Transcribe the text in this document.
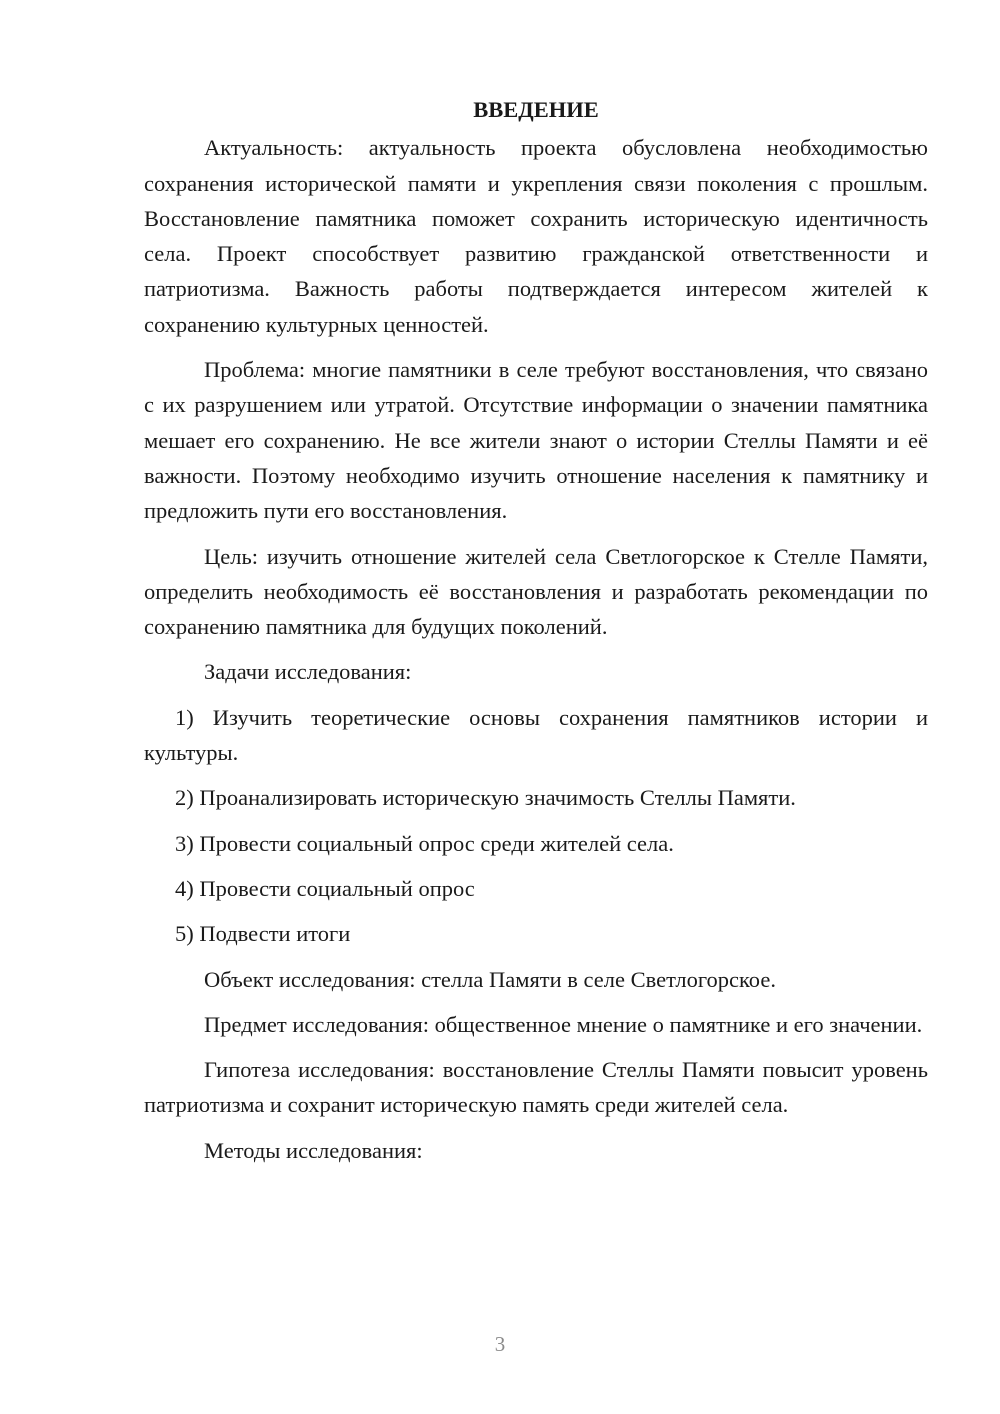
ВВЕДЕНИЕ

Актуальность: актуальность проекта обусловлена необходимостью сохранения исторической памяти и укрепления связи поколения с прошлым. Восстановление памятника поможет сохранить историческую идентичность села. Проект способствует развитию гражданской ответственности и патриотизма. Важность работы подтверждается интересом жителей к сохранению культурных ценностей.

Проблема: многие памятники в селе требуют восстановления, что связано с их разрушением или утратой. Отсутствие информации о значении памятника мешает его сохранению. Не все жители знают о истории Стеллы Памяти и её важности. Поэтому необходимо изучить отношение населения к памятнику и предложить пути его восстановления.

Цель: изучить отношение жителей села Светлогорское к Стелле Памяти, определить необходимость её восстановления и разработать рекомендации по сохранению памятника для будущих поколений.

Задачи исследования:

1) Изучить теоретические основы сохранения памятников истории и культуры.

2) Проанализировать историческую значимость Стеллы Памяти.

3) Провести социальный опрос среди жителей села.

4) Провести социальный опрос

5) Подвести итоги

Объект исследования: стелла Памяти в селе Светлогорское.

Предмет исследования: общественное мнение о памятнике и его значении.

Гипотеза исследования: восстановление Стеллы Памяти повысит уровень патриотизма и сохранит историческую память среди жителей села.

Методы исследования:

3
